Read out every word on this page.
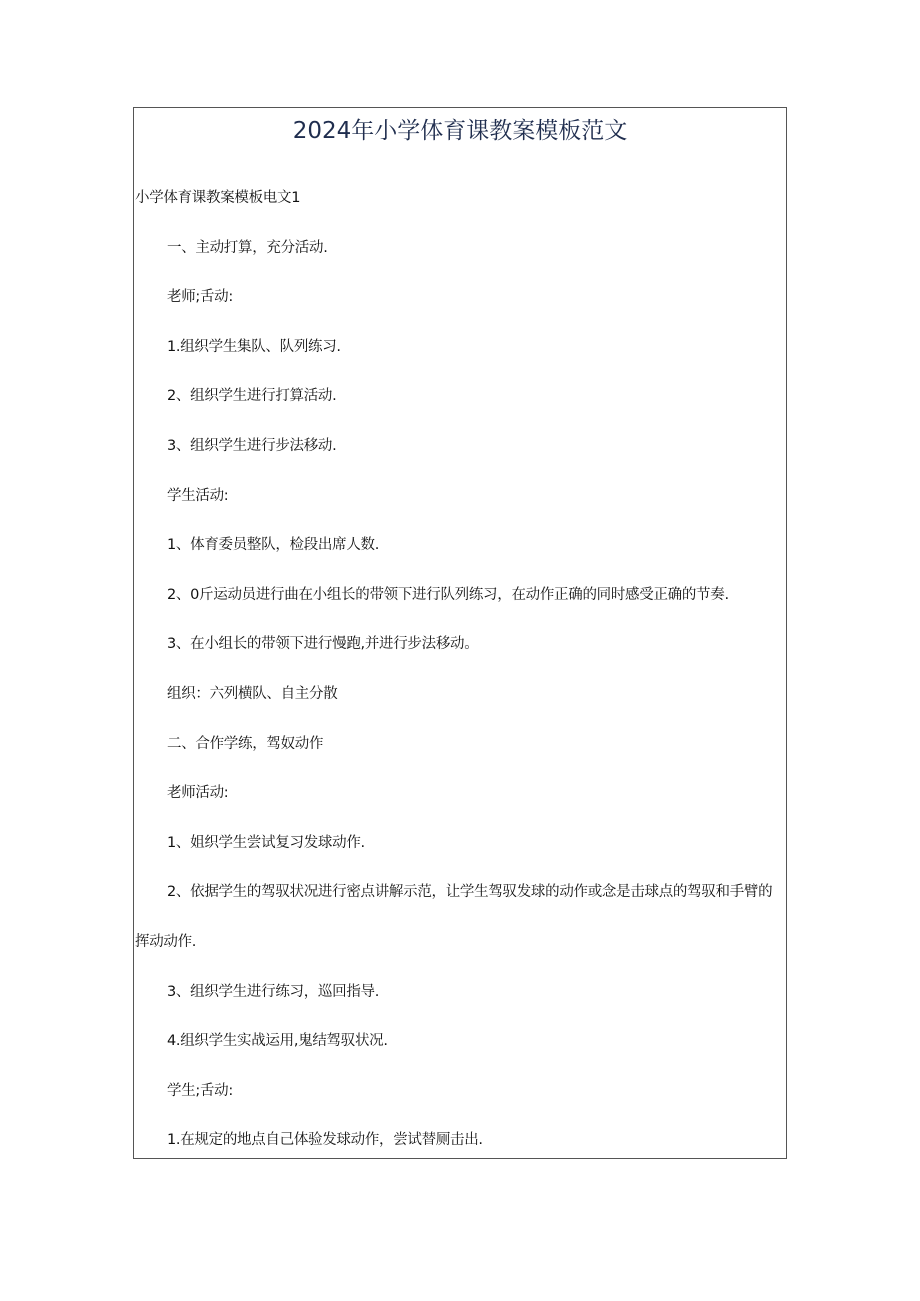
2024年小学体育课教案模板范文

小学体育课教案模板电文1

一、主动打算，充分活动.

老师;舌动:

1.组织学生集队、队列练习.

2、组织学生进行打算活动.

3、组织学生进行步法移动.

学生活动:

1、体育委员整队，检段出席人数.

2、0斤运动员进行曲在小组长的带领下进行队列练习，在动作正确的同时感受正确的节奏.

3、在小组长的带领下进行慢跑,并进行步法移动。

组织：六列横队、自主分散

二、合作学练，驾奴动作

老师活动:

1、姐织学生尝试复习发球动作.

2、依据学生的驾驭状况进行密点讲解示范，让学生驾驭发球的动作或念是击球点的驾驭和手臂的挥动动作.

3、组织学生进行练习，巡回指导.

4.组织学生实战运用,鬼结驾驭状况.

学生;舌动:

1.在规定的地点自己体验发球动作，尝试替厕击出.
